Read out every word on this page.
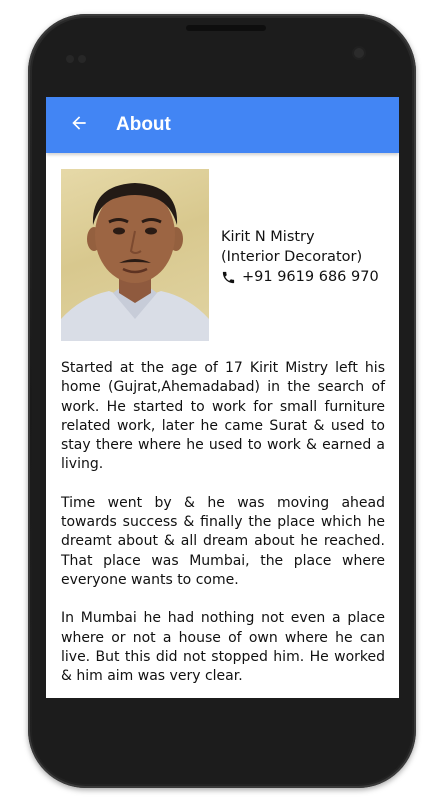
About
Kirit N Mistry
(Interior Decorator)
+91 9619 686 970

Started at the age of 17 Kirit Mistry left his home (Gujrat,Ahemadabad) in the search of work. He started to work for small furniture related work, later he came Surat & used to stay there where he used to work & earned a living.

Time went by & he was moving ahead towards success & finally the place which he dreamt about & all dream about he reached. That place was Mumbai, the place where everyone wants to come.

In Mumbai he had nothing not even a place where or not a house of own where he can live. But this did not stopped him. He worked & him aim was very clear.
